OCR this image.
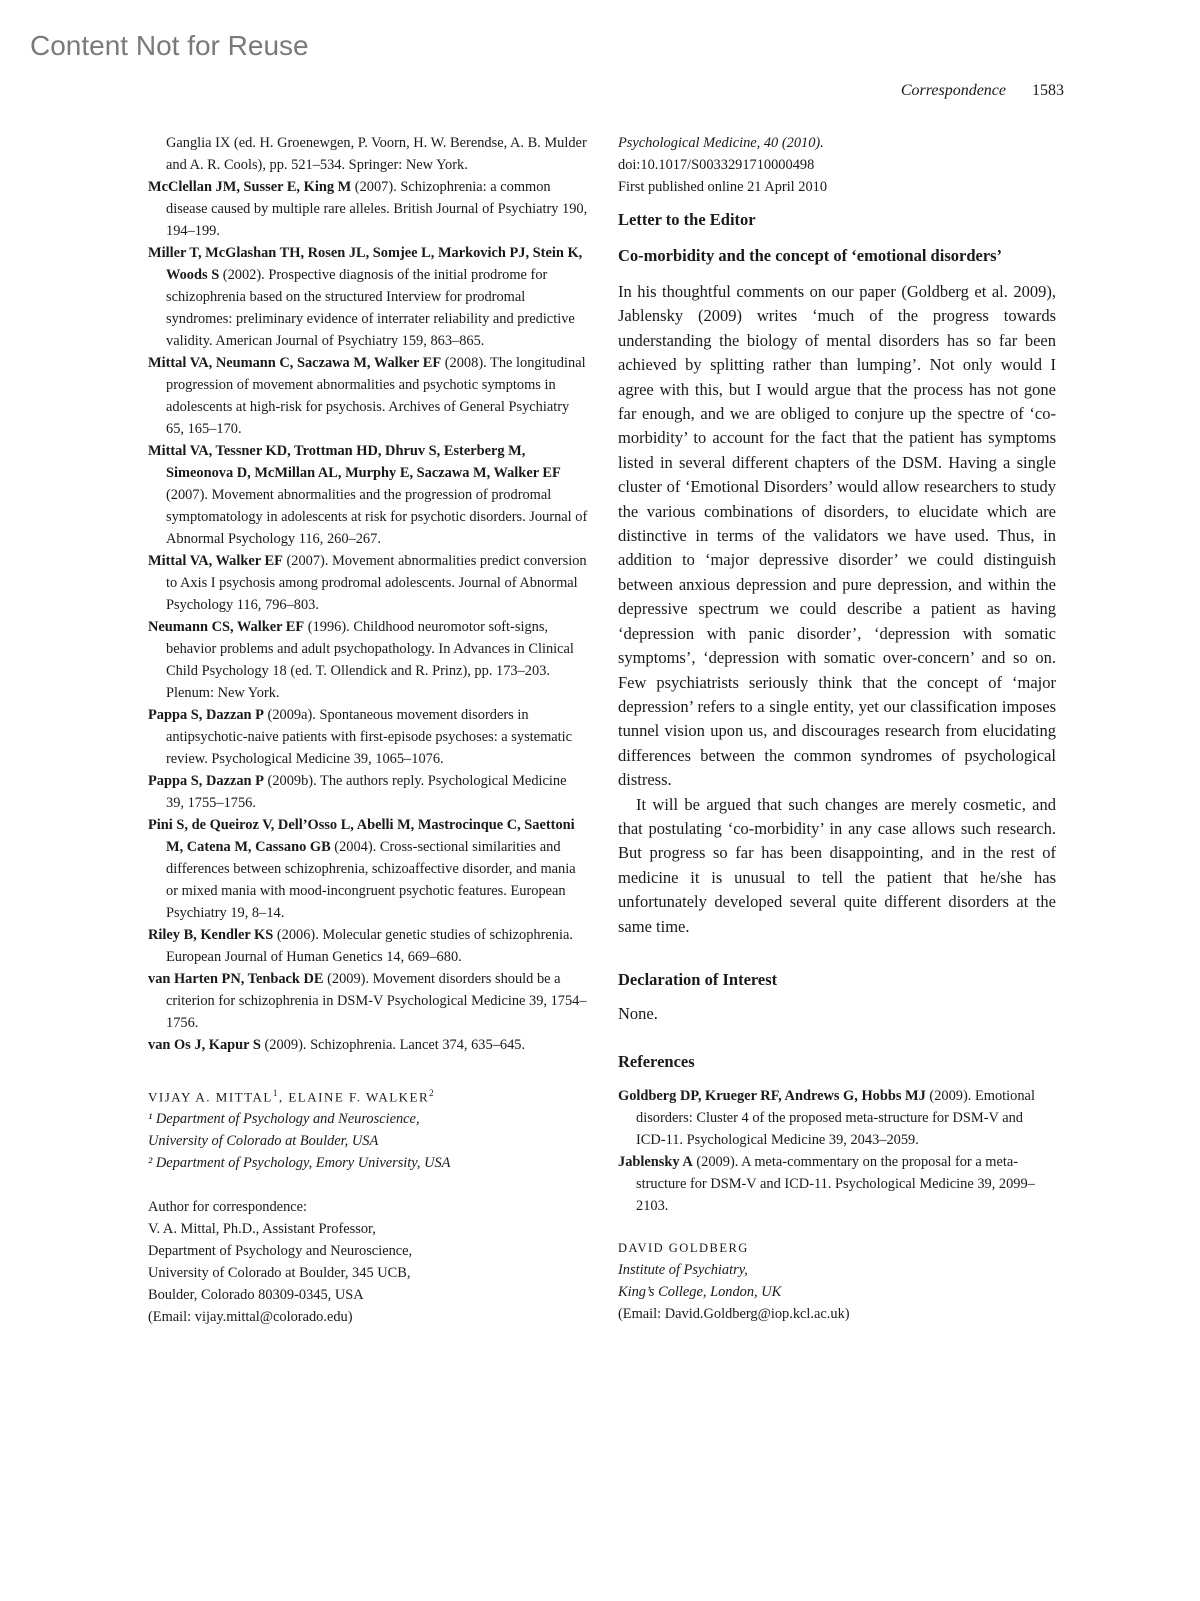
Content Not for Reuse
Correspondence 1583

Ganglia IX (ed. H. Groenewgen, P. Voorn, H. W. Berendse, A. B. Mulder and A. R. Cools), pp. 521–534. Springer: New York.

McClellan JM, Susser E, King M (2007). Schizophrenia: a common disease caused by multiple rare alleles. British Journal of Psychiatry 190, 194–199.

Miller T, McGlashan TH, Rosen JL, Somjee L, Markovich PJ, Stein K, Woods S (2002). Prospective diagnosis of the initial prodrome for schizophrenia based on the structured Interview for prodromal syndromes: preliminary evidence of interrater reliability and predictive validity. American Journal of Psychiatry 159, 863–865.

Mittal VA, Neumann C, Saczawa M, Walker EF (2008). The longitudinal progression of movement abnormalities and psychotic symptoms in adolescents at high-risk for psychosis. Archives of General Psychiatry 65, 165–170.

Mittal VA, Tessner KD, Trottman HD, Dhruv S, Esterberg M, Simeonova D, McMillan AL, Murphy E, Saczawa M, Walker EF (2007). Movement abnormalities and the progression of prodromal symptomatology in adolescents at risk for psychotic disorders. Journal of Abnormal Psychology 116, 260–267.

Mittal VA, Walker EF (2007). Movement abnormalities predict conversion to Axis I psychosis among prodromal adolescents. Journal of Abnormal Psychology 116, 796–803.

Neumann CS, Walker EF (1996). Childhood neuromotor soft-signs, behavior problems and adult psychopathology. In Advances in Clinical Child Psychology 18 (ed. T. Ollendick and R. Prinz), pp. 173–203. Plenum: New York.

Pappa S, Dazzan P (2009a). Spontaneous movement disorders in antipsychotic-naive patients with first-episode psychoses: a systematic review. Psychological Medicine 39, 1065–1076.

Pappa S, Dazzan P (2009b). The authors reply. Psychological Medicine 39, 1755–1756.

Pini S, de Queiroz V, Dell’Osso L, Abelli M, Mastrocinque C, Saettoni M, Catena M, Cassano GB (2004). Cross-sectional similarities and differences between schizophrenia, schizoaffective disorder, and mania or mixed mania with mood-incongruent psychotic features. European Psychiatry 19, 8–14.

Riley B, Kendler KS (2006). Molecular genetic studies of schizophrenia. European Journal of Human Genetics 14, 669–680.

van Harten PN, Tenback DE (2009). Movement disorders should be a criterion for schizophrenia in DSM-V Psychological Medicine 39, 1754–1756.

van Os J, Kapur S (2009). Schizophrenia. Lancet 374, 635–645.

VIJAY A. MITTAL$^1$, ELAINE F. WALKER$^2$

¹ Department of Psychology and Neuroscience,

University of Colorado at Boulder, USA

² Department of Psychology, Emory University, USA

Author for correspondence:

V. A. Mittal, Ph.D., Assistant Professor,

Department of Psychology and Neuroscience,

University of Colorado at Boulder, 345 UCB,

Boulder, Colorado 80309-0345, USA

(Email: vijay.mittal@colorado.edu)

Psychological Medicine, 40 (2010).

doi:10.1017/S0033291710000498

First published online 21 April 2010

Letter to the Editor
Co-morbidity and the concept of ‘emotional disorders’

In his thoughtful comments on our paper (Goldberg et al. 2009), Jablensky (2009) writes ‘much of the progress towards understanding the biology of mental disorders has so far been achieved by splitting rather than lumping’. Not only would I agree with this, but I would argue that the process has not gone far enough, and we are obliged to conjure up the spectre of ‘co-morbidity’ to account for the fact that the patient has symptoms listed in several different chapters of the DSM. Having a single cluster of ‘Emotional Disorders’ would allow researchers to study the various combinations of disorders, to elucidate which are distinctive in terms of the validators we have used. Thus, in addition to ‘major depressive disorder’ we could distinguish between anxious depression and pure depression, and within the depressive spectrum we could describe a patient as having ‘depression with panic disorder’, ‘depression with somatic symptoms’, ‘depression with somatic over-concern’ and so on. Few psychiatrists seriously think that the concept of ‘major depression’ refers to a single entity, yet our classification imposes tunnel vision upon us, and discourages research from elucidating differences between the common syndromes of psychological distress.

It will be argued that such changes are merely cosmetic, and that postulating ‘co-morbidity’ in any case allows such research. But progress so far has been disappointing, and in the rest of medicine it is unusual to tell the patient that he/she has unfortunately developed several quite different disorders at the same time.

Declaration of Interest

None.

References

Goldberg DP, Krueger RF, Andrews G, Hobbs MJ (2009). Emotional disorders: Cluster 4 of the proposed meta-structure for DSM-V and ICD-11. Psychological Medicine 39, 2043–2059.

Jablensky A (2009). A meta-commentary on the proposal for a meta-structure for DSM-V and ICD-11. Psychological Medicine 39, 2099–2103.

DAVID GOLDBERG

Institute of Psychiatry,

King’s College, London, UK

(Email: David.Goldberg@iop.kcl.ac.uk)
